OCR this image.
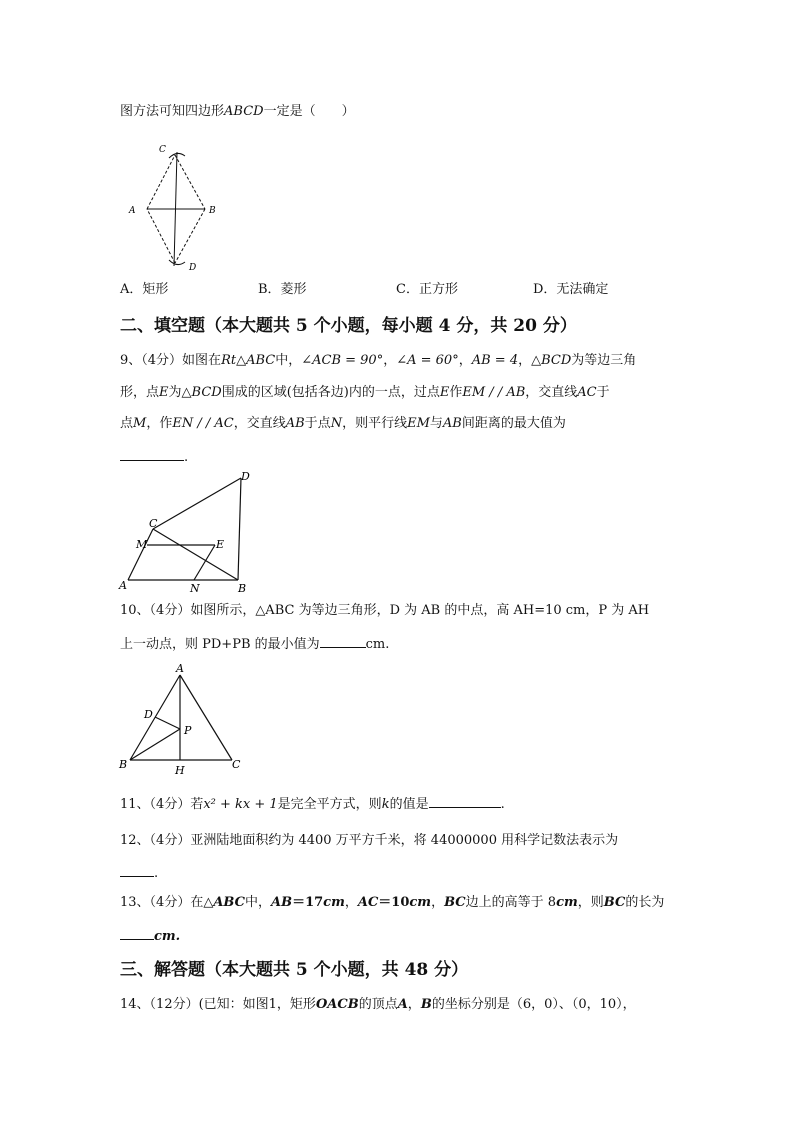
图方法可知四边形ABCD一定是（　　）
C
A	B
D
A．矩形	B．菱形	C．正方形	D．无法确定
二、填空题（本大题共 5 个小题，每小题 4 分，共 20 分）
9、（4分）如图在Rt△ABC中，∠ACB = 90°，∠A = 60°，AB = 4，△BCD为等边三角
形，点E为△BCD围成的区域(包括各边)内的一点，过点E作EM / / AB，交直线AC于
点M，作EN / / AC，交直线AB于点N，则平行线EM与AB间距离的最大值为
.
D
C
M	E
A	N	B
10、（4分）如图所示，△ABC 为等边三角形，D 为 AB 的中点，高 AH=10 cm，P 为 AH
上一动点，则 PD+PB 的最小值为	cm.
A
D
P
B	H	C
11、（4分）若x² + kx + 1是完全平方式，则k的值是	.
12、（4分）亚洲陆地面积约为 4400 万平方千米，将 44000000 用科学记数法表示为
.
13、（4分）在△ABC中，AB＝17cm，AC＝10cm，BC边上的高等于 8cm，则BC的长为
cm.
三、解答题（本大题共 5 个小题，共 48 分）
14、（12分）(已知：如图1，矩形OACB的顶点A，B的坐标分别是（6，0）、（0，10），
